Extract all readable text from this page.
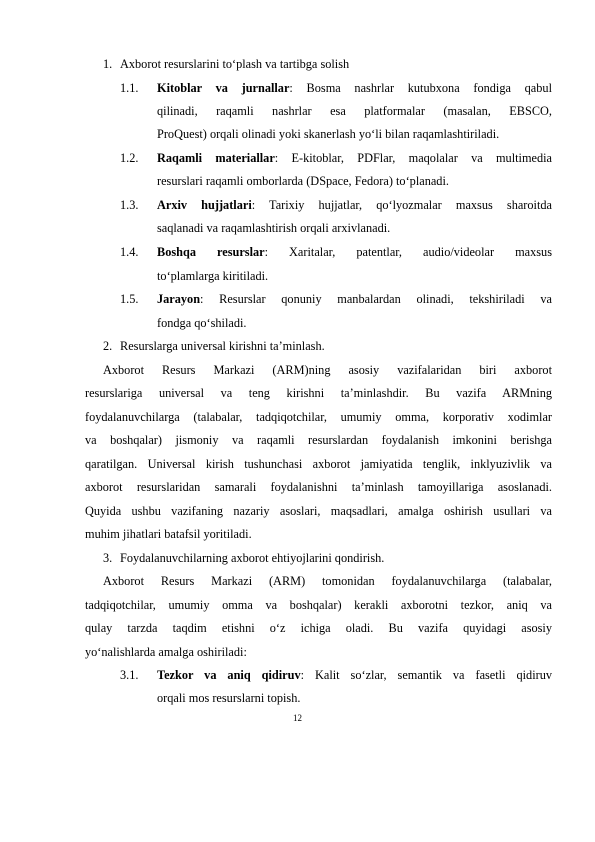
1. Axborot resurslarini to‘plash va tartibga solish
1.1. Kitoblar va jurnallar: Bosma nashrlar kutubxona fondiga qabul
qilinadi, raqamli nashrlar esa platformalar (masalan, EBSCO,
ProQuest) orqali olinadi yoki skanerlash yo‘li bilan raqamlashtiriladi.
1.2. Raqamli materiallar: E-kitoblar, PDFlar, maqolalar va multimedia
resurslari raqamli omborlarda (DSpace, Fedora) to‘planadi.
1.3. Arxiv hujjatlari: Tarixiy hujjatlar, qo‘lyozmalar maxsus sharoitda
saqlanadi va raqamlashtirish orqali arxivlanadi.
1.4. Boshqa resurslar: Xaritalar, patentlar, audio/videolar maxsus
to‘plamlarga kiritiladi.
1.5. Jarayon: Resurslar qonuniy manbalardan olinadi, tekshiriladi va
fondga qo‘shiladi.
2. Resurslarga universal kirishni ta’minlash.
Axborot Resurs Markazi (ARM)ning asosiy vazifalaridan biri axborot
resurslariga universal va teng kirishni ta’minlashdir. Bu vazifa ARMning
foydalanuvchilarga (talabalar, tadqiqotchilar, umumiy omma, korporativ xodimlar
va boshqalar) jismoniy va raqamli resurslardan foydalanish imkonini berishga
qaratilgan. Universal kirish tushunchasi axborot jamiyatida tenglik, inklyuzivlik va
axborot resurslaridan samarali foydalanishni ta’minlash tamoyillariga asoslanadi.
Quyida ushbu vazifaning nazariy asoslari, maqsadlari, amalga oshirish usullari va
muhim jihatlari batafsil yoritiladi.
3. Foydalanuvchilarning axborot ehtiyojlarini qondirish.
Axborot Resurs Markazi (ARM) tomonidan foydalanuvchilarga (talabalar,
tadqiqotchilar, umumiy omma va boshqalar) kerakli axborotni tezkor, aniq va
qulay tarzda taqdim etishni o‘z ichiga oladi. Bu vazifa quyidagi asosiy
yo‘nalishlarda amalga oshiriladi:
3.1. Tezkor va aniq qidiruv: Kalit so‘zlar, semantik va fasetli qidiruv
orqali mos resurslarni topish.
12
